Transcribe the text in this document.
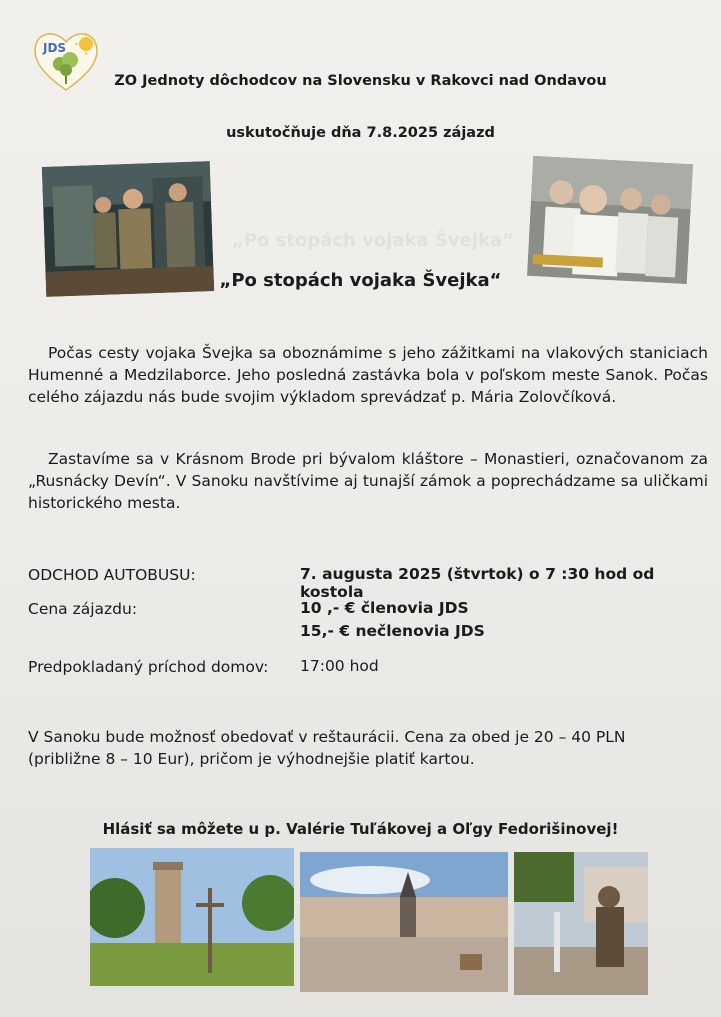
„Po stopách vojaka Švejka“
JDS
ZO Jednoty dôchodcov na Slovensku v Rakovci nad Ondavou
uskutočňuje dňa 7.8.2025 zájazd
„Po stopách vojaka Švejka“
Počas cesty vojaka Švejka sa oboznámime s jeho zážitkami na vlakových staniciach Humenné a Medzilaborce. Jeho posledná zastávka bola v poľskom meste Sanok. Počas celého zájazdu nás bude svojim výkladom sprevádzať p. Mária Zolovčíková.
Zastavíme sa v Krásnom Brode pri bývalom kláštore – Monastieri, označovanom za „Rusnácky Devín“. V Sanoku navštívime aj tunajší zámok a poprechádzame sa uličkami historického mesta.
ODCHOD AUTOBUSU:	7. augusta 2025 (štvrtok) o 7 :30 hod od kostola
Cena zájazdu:	10 ,- € členovia JDS
15,- € nečlenovia JDS
Predpokladaný príchod domov: 17:00 hod
V Sanoku bude možnosť obedovať v reštaurácii. Cena za obed je 20 – 40 PLN (približne 8 – 10 Eur), pričom je výhodnejšie platiť kartou.
Hlásiť sa môžete u p. Valérie Tuľákovej a Oľgy Fedorišinovej!
